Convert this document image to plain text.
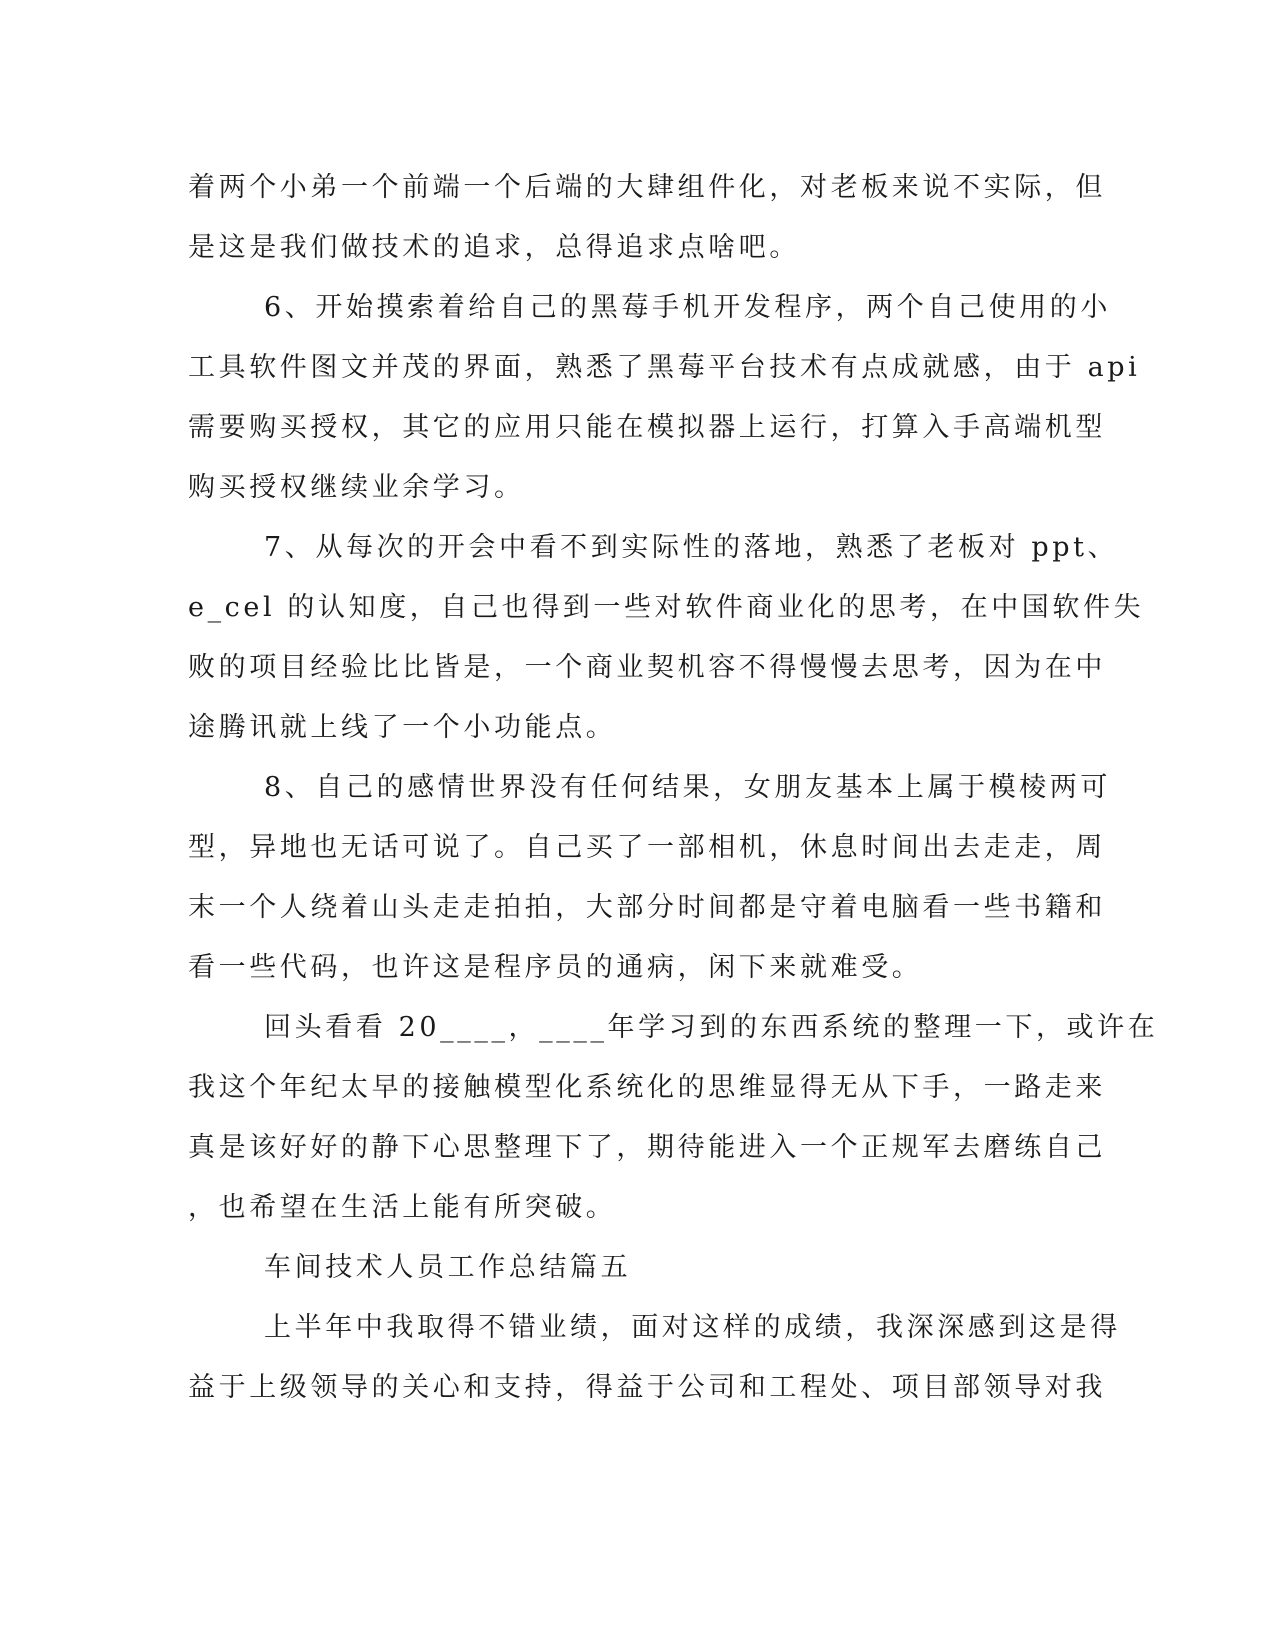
着两个小弟一个前端一个后端的大肆组件化，对老板来说不实际，但
是这是我们做技术的追求，总得追求点啥吧。
6、开始摸索着给自己的黑莓手机开发程序，两个自己使用的小
工具软件图文并茂的界面，熟悉了黑莓平台技术有点成就感，由于 api
需要购买授权，其它的应用只能在模拟器上运行，打算入手高端机型
购买授权继续业余学习。
7、从每次的开会中看不到实际性的落地，熟悉了老板对 ppt、
e_cel 的认知度，自己也得到一些对软件商业化的思考，在中国软件失
败的项目经验比比皆是，一个商业契机容不得慢慢去思考，因为在中
途腾讯就上线了一个小功能点。
8、自己的感情世界没有任何结果，女朋友基本上属于模棱两可
型，异地也无话可说了。自己买了一部相机，休息时间出去走走，周
末一个人绕着山头走走拍拍，大部分时间都是守着电脑看一些书籍和
看一些代码，也许这是程序员的通病，闲下来就难受。
回头看看 20____，____年学习到的东西系统的整理一下，或许在
我这个年纪太早的接触模型化系统化的思维显得无从下手，一路走来
真是该好好的静下心思整理下了，期待能进入一个正规军去磨练自己
，也希望在生活上能有所突破。
车间技术人员工作总结篇五
上半年中我取得不错业绩，面对这样的成绩，我深深感到这是得
益于上级领导的关心和支持，得益于公司和工程处、项目部领导对我
